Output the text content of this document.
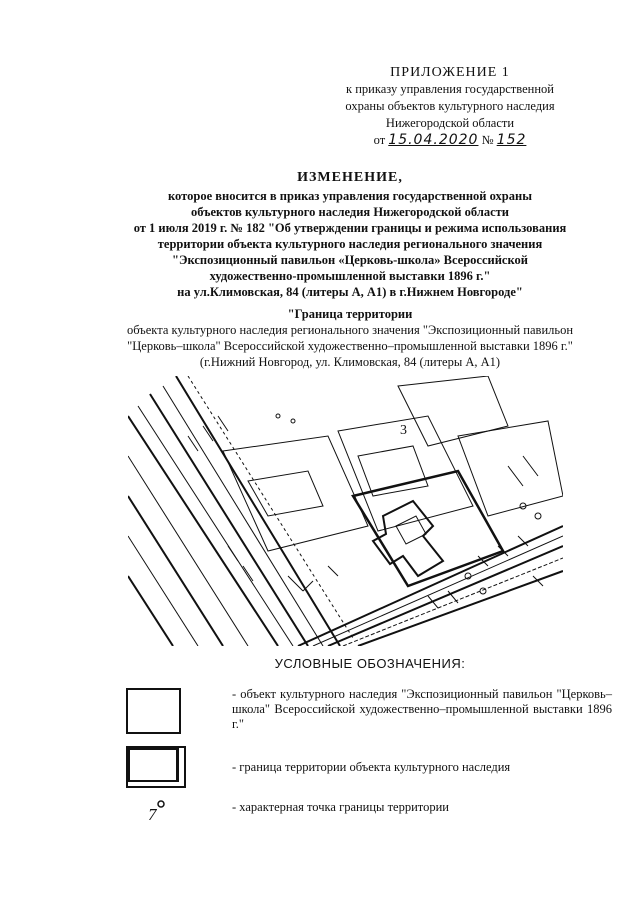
ПРИЛОЖЕНИЕ 1
к приказу управления государственной
охраны объектов культурного наследия
Нижегородской области
от 15.04.2020 № 152
ИЗМЕНЕНИЕ,
которое вносится в приказ управления государственной охраны
объектов культурного наследия Нижегородской области
от 1 июля 2019 г. № 182 "Об утверждении границы и режима использования
территории объекта культурного наследия регионального значения
"Экспозиционный павильон «Церковь-школа» Всероссийской
художественно-промышленной выставки 1896 г."
на ул.Климовская, 84 (литеры А, А1) в г.Нижнем Новгороде"
"Граница территории
объекта культурного наследия регионального значения "Экспозиционный павильон
"Церковь–школа" Всероссийской художественно–промышленной выставки 1896 г."
(г.Нижний Новгород, ул. Климовская, 84 (литеры А, А1)
3
УСЛОВНЫЕ ОБОЗНАЧЕНИЯ:
- объект культурного наследия "Экспозиционный павильон "Церковь–школа" Всероссийской художественно–промышленной выставки 1896 г."
- граница территории объекта культурного наследия
7	- характерная точка границы территории
